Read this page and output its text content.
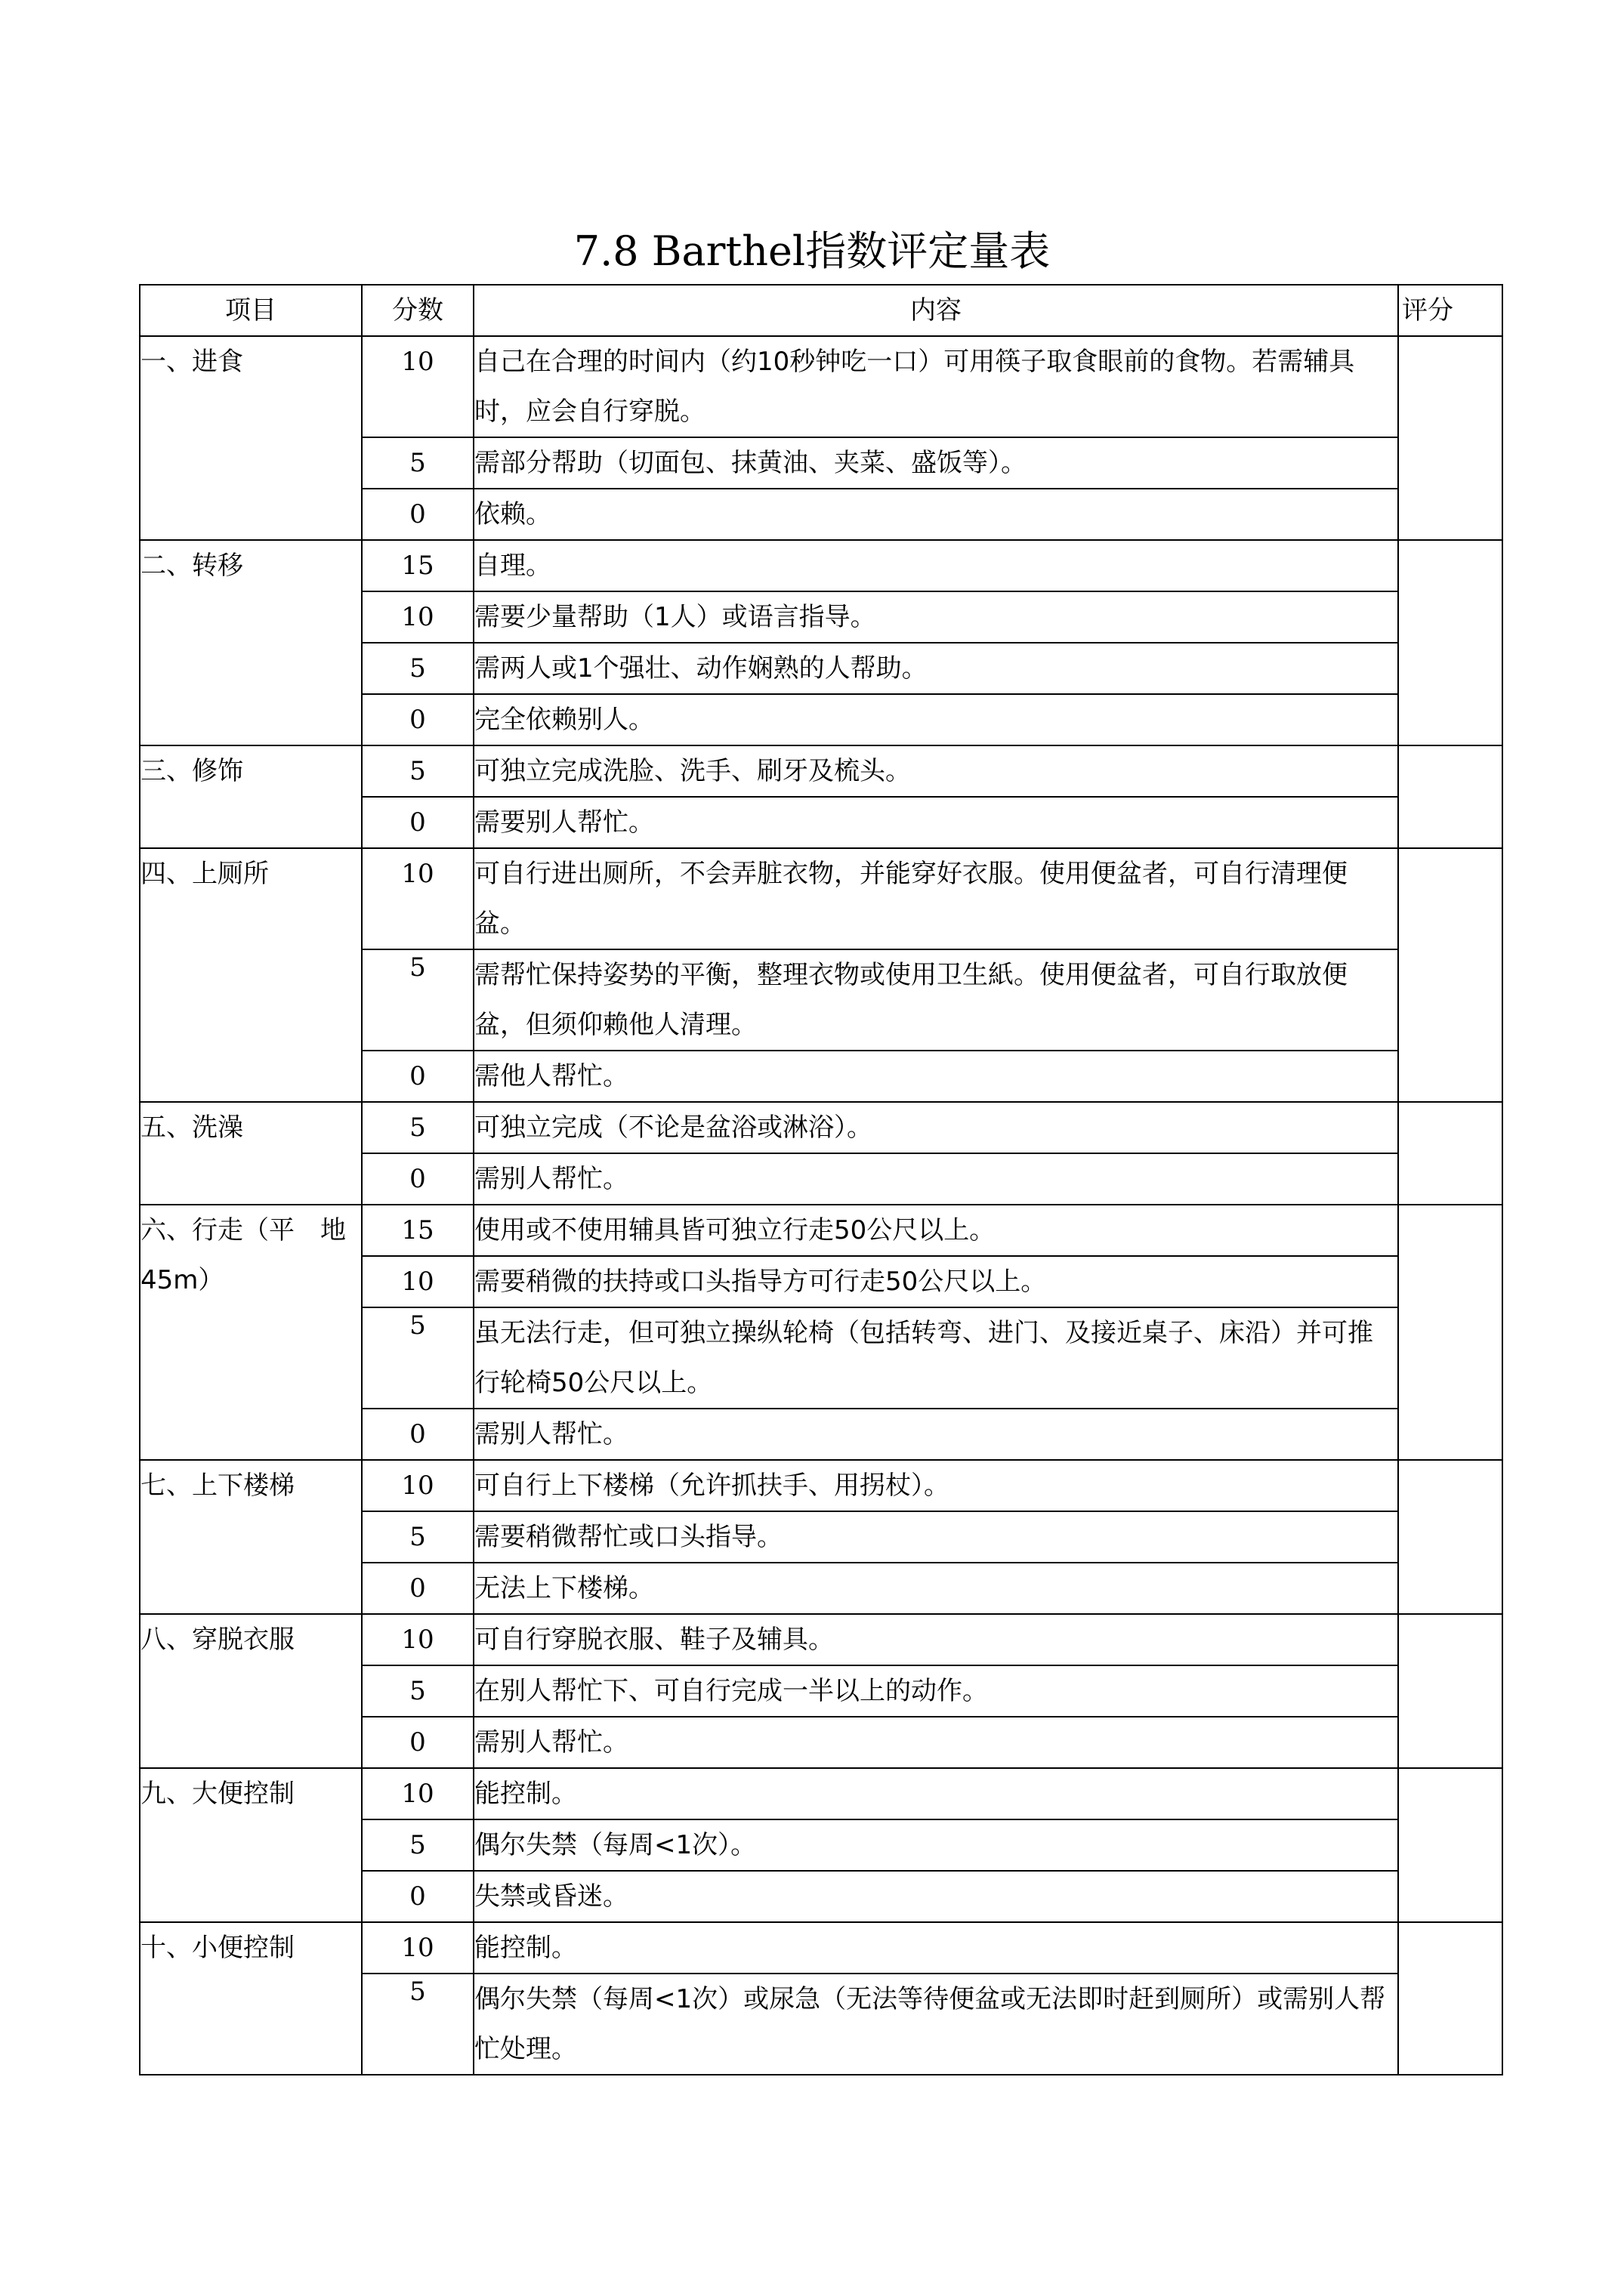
7.8 Barthel指数评定量表
项目	分数	内容	评分
一、进食	10	自己在合理的时间内（约10秒钟吃一口）可用筷子取食眼前的食物。若需辅具时，应会自行穿脱。	
	5	需部分帮助（切面包、抹黄油、夹菜、盛饭等）。	
	0	依赖。	
二、转移	15	自理。	
	10	需要少量帮助（1人）或语言指导。	
	5	需两人或1个强壮、动作娴熟的人帮助。	
	0	完全依赖别人。	
三、修饰	5	可独立完成洗脸、洗手、刷牙及梳头。	
	0	需要别人帮忙。	
四、上厕所	10	可自行进出厕所，不会弄脏衣物，并能穿好衣服。使用便盆者，可自行清理便盆。	
	5	需帮忙保持姿势的平衡，整理衣物或使用卫生紙。使用便盆者，可自行取放便盆，但须仰赖他人清理。	
	0	需他人帮忙。	
五、洗澡	5	可独立完成（不论是盆浴或淋浴）。	
	0	需别人帮忙。	
六、行走（平　地45m）	15	使用或不使用辅具皆可独立行走50公尺以上。	
	10	需要稍微的扶持或口头指导方可行走50公尺以上。	
	5	虽无法行走，但可独立操纵轮椅（包括转弯、进门、及接近桌子、床沿）并可推行轮椅50公尺以上。	
	0	需别人帮忙。	
七、上下楼梯	10	可自行上下楼梯（允许抓扶手、用拐杖）。	
	5	需要稍微帮忙或口头指导。	
	0	无法上下楼梯。	
八、穿脱衣服	10	可自行穿脱衣服、鞋子及辅具。	
	5	在别人帮忙下、可自行完成一半以上的动作。	
	0	需别人帮忙。	
九、大便控制	10	能控制。	
	5	偶尔失禁（每周<1次）。	
	0	失禁或昏迷。	
十、小便控制	10	能控制。	
	5	偶尔失禁（每周<1次）或尿急（无法等待便盆或无法即时赶到厕所）或需别人帮忙处理。	
